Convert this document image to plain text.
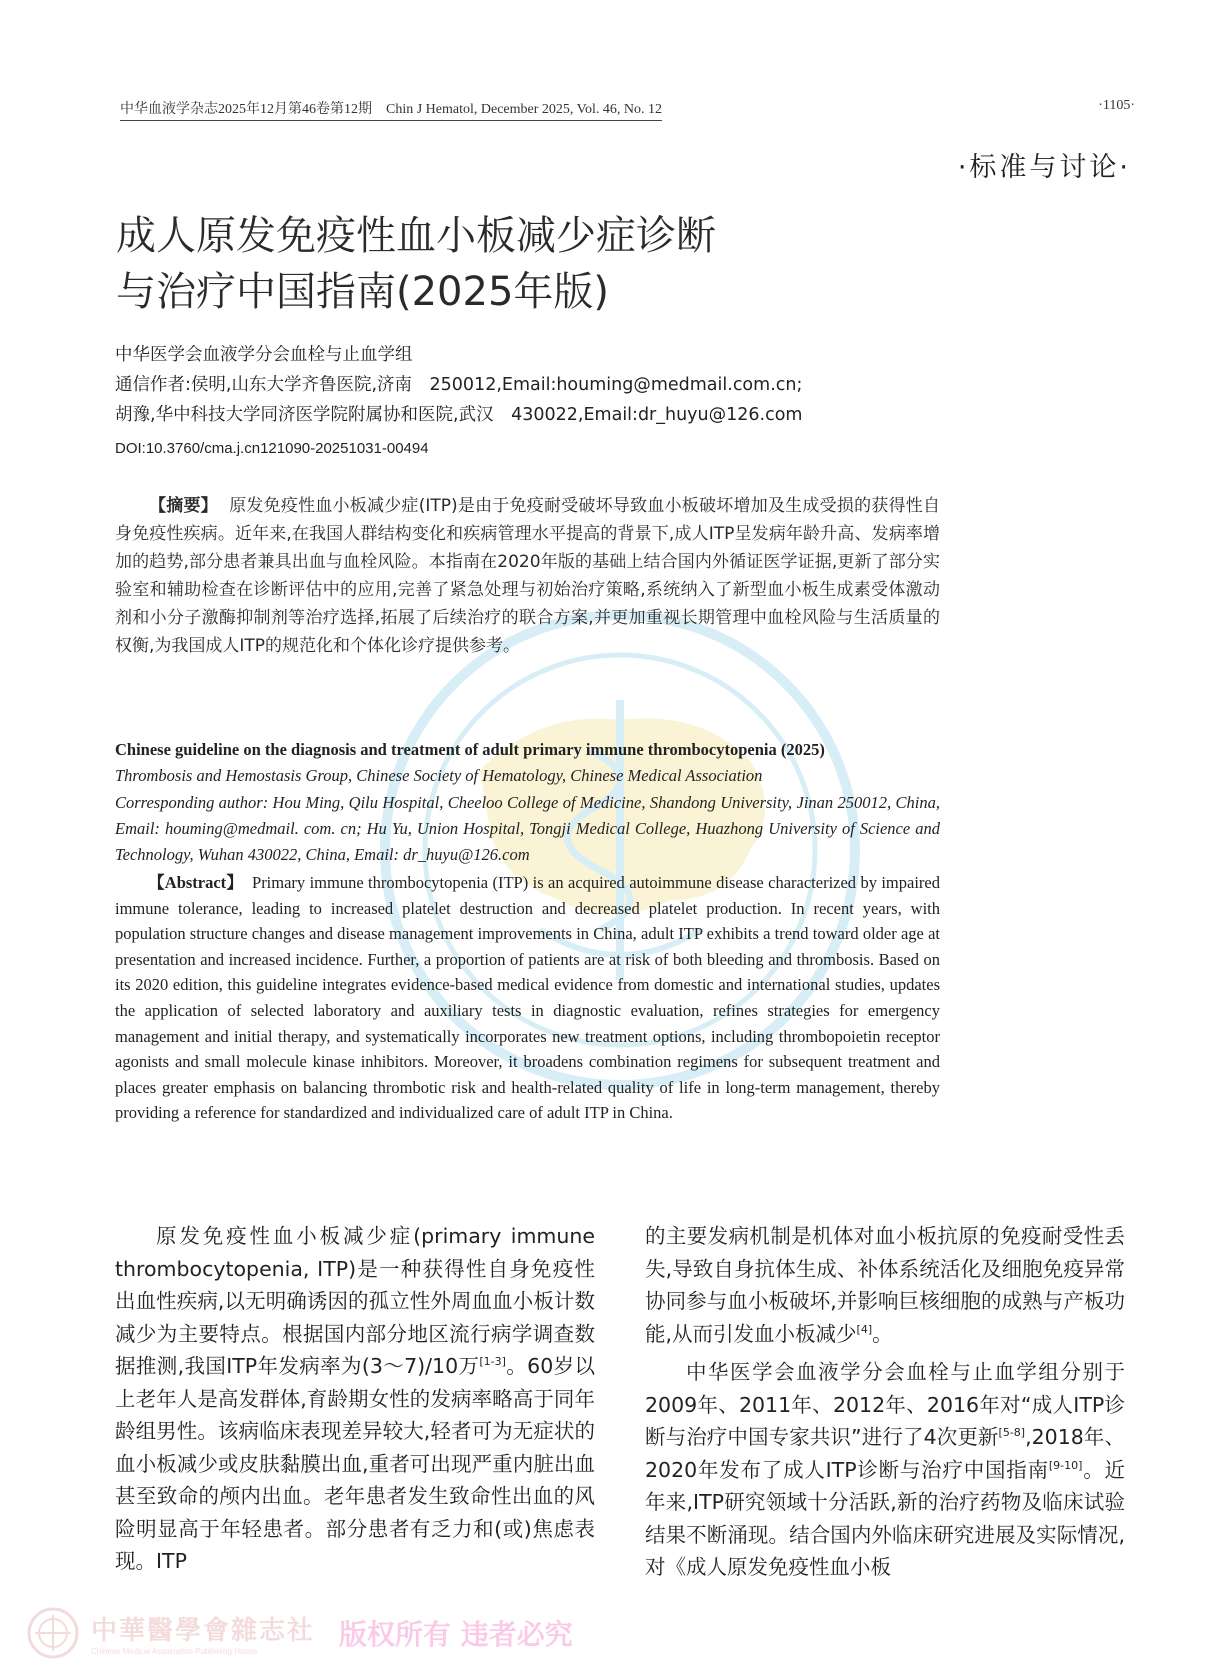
中华血液学杂志2025年12月第46卷第12期　Chin J Hematol, December 2025, Vol. 46, No. 12	·1105·
·标准与讨论·
成人原发免疫性血小板减少症诊断
与治疗中国指南(2025年版)
中华医学会血液学分会血栓与止血学组
通信作者:侯明,山东大学齐鲁医院,济南　250012,Email:houming@medmail.com.cn;
胡豫,华中科技大学同济医学院附属协和医院,武汉　430022,Email:dr_huyu@126.com
DOI:10.3760/cma.j.cn121090-20251031-00494

【摘要】 原发免疫性血小板减少症(ITP)是由于免疫耐受破坏导致血小板破坏增加及生成受损的获得性自身免疫性疾病。近年来,在我国人群结构变化和疾病管理水平提高的背景下,成人ITP呈发病年龄升高、发病率增加的趋势,部分患者兼具出血与血栓风险。本指南在2020年版的基础上结合国内外循证医学证据,更新了部分实验室和辅助检查在诊断评估中的应用,完善了紧急处理与初始治疗策略,系统纳入了新型血小板生成素受体激动剂和小分子激酶抑制剂等治疗选择,拓展了后续治疗的联合方案,并更加重视长期管理中血栓风险与生活质量的权衡,为我国成人ITP的规范化和个体化诊疗提供参考。

Chinese guideline on the diagnosis and treatment of adult primary immune thrombocytopenia (2025)
Thrombosis and Hemostasis Group, Chinese Society of Hematology, Chinese Medical Association

Corresponding author: Hou Ming, Qilu Hospital, Cheeloo College of Medicine, Shandong University, Jinan 250012, China, Email: houming@medmail. com. cn; Hu Yu, Union Hospital, Tongji Medical College, Huazhong University of Science and Technology, Wuhan 430022, China, Email: dr_huyu@126.com

【Abstract】 Primary immune thrombocytopenia (ITP) is an acquired autoimmune disease characterized by impaired immune tolerance, leading to increased platelet destruction and decreased platelet production. In recent years, with population structure changes and disease management improvements in China, adult ITP exhibits a trend toward older age at presentation and increased incidence. Further, a proportion of patients are at risk of both bleeding and thrombosis. Based on its 2020 edition, this guideline integrates evidence-based medical evidence from domestic and international studies, updates the application of selected laboratory and auxiliary tests in diagnostic evaluation, refines strategies for emergency management and initial therapy, and systematically incorporates new treatment options, including thrombopoietin receptor agonists and small molecule kinase inhibitors. Moreover, it broadens combination regimens for subsequent treatment and places greater emphasis on balancing thrombotic risk and health-related quality of life in long-term management, thereby providing a reference for standardized and individualized care of adult ITP in China.

原发免疫性血小板减少症(primary immune thrombocytopenia, ITP)是一种获得性自身免疫性出血性疾病,以无明确诱因的孤立性外周血血小板计数减少为主要特点。根据国内部分地区流行病学调查数据推测,我国ITP年发病率为(3～7)/10万[1-3]。60岁以上老年人是高发群体,育龄期女性的发病率略高于同年龄组男性。该病临床表现差异较大,轻者可为无症状的血小板减少或皮肤黏膜出血,重者可出现严重内脏出血甚至致命的颅内出血。老年患者发生致命性出血的风险明显高于年轻患者。部分患者有乏力和(或)焦虑表现。ITP

的主要发病机制是机体对血小板抗原的免疫耐受性丢失,导致自身抗体生成、补体系统活化及细胞免疫异常协同参与血小板破坏,并影响巨核细胞的成熟与产板功能,从而引发血小板减少[4]。

中华医学会血液学分会血栓与止血学组分别于2009年、2011年、2012年、2016年对“成人ITP诊断与治疗中国专家共识”进行了4次更新[5-8],2018年、2020年发布了成人ITP诊断与治疗中国指南[9-10]。近年来,ITP研究领域十分活跃,新的治疗药物及临床试验结果不断涌现。结合国内外临床研究进展及实际情况,对《成人原发免疫性血小板

中華醫學會雜志社
Chinese Medical Association Publishing House
版权所有 违者必究
